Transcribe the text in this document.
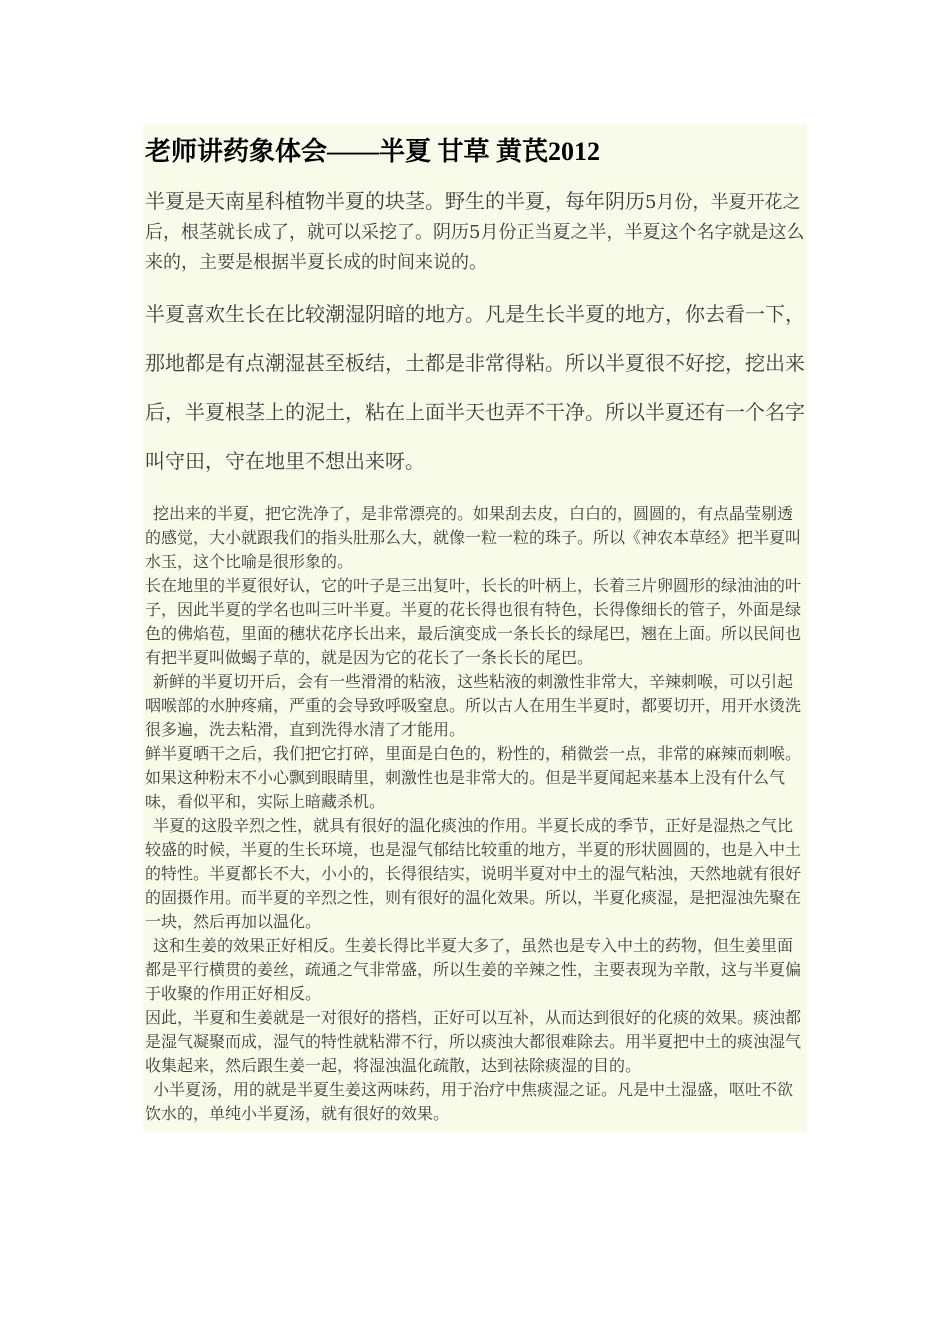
老师讲药象体会——半夏 甘草 黄芪2012

半夏是天南星科植物半夏的块茎。野生的半夏，每年阴历5月份，半夏开花之后，根茎就长成了，就可以采挖了。阴历5月份正当夏之半，半夏这个名字就是这么来的，主要是根据半夏长成的时间来说的。

半夏喜欢生长在比较潮湿阴暗的地方。凡是生长半夏的地方，你去看一下，那地都是有点潮湿甚至板结，土都是非常得粘。所以半夏很不好挖，挖出来后，半夏根茎上的泥土，粘在上面半天也弄不干净。所以半夏还有一个名字叫守田，守在地里不想出来呀。

挖出来的半夏，把它洗净了，是非常漂亮的。如果刮去皮，白白的，圆圆的，有点晶莹剔透的感觉，大小就跟我们的指头肚那么大，就像一粒一粒的珠子。所以《神农本草经》把半夏叫水玉，这个比喻是很形象的。
长在地里的半夏很好认，它的叶子是三出复叶，长长的叶柄上，长着三片卵圆形的绿油油的叶子，因此半夏的学名也叫三叶半夏。半夏的花长得也很有特色，长得像细长的管子，外面是绿色的佛焰苞，里面的穗状花序长出来，最后演变成一条长长的绿尾巴，翘在上面。所以民间也有把半夏叫做蝎子草的，就是因为它的花长了一条长长的尾巴。
新鲜的半夏切开后，会有一些滑滑的粘液，这些粘液的刺激性非常大，辛辣刺喉，可以引起咽喉部的水肿疼痛，严重的会导致呼吸窒息。所以古人在用生半夏时，都要切开，用开水烫洗很多遍，洗去粘滑，直到洗得水清了才能用。
鲜半夏晒干之后，我们把它打碎，里面是白色的，粉性的，稍微尝一点，非常的麻辣而刺喉。如果这种粉末不小心飘到眼睛里，刺激性也是非常大的。但是半夏闻起来基本上没有什么气味，看似平和，实际上暗藏杀机。
半夏的这股辛烈之性，就具有很好的温化痰浊的作用。半夏长成的季节，正好是湿热之气比较盛的时候，半夏的生长环境，也是湿气郁结比较重的地方，半夏的形状圆圆的，也是入中土的特性。半夏都长不大，小小的，长得很结实，说明半夏对中土的湿气粘浊，天然地就有很好的固摄作用。而半夏的辛烈之性，则有很好的温化效果。所以，半夏化痰湿，是把湿浊先聚在一块，然后再加以温化。
这和生姜的效果正好相反。生姜长得比半夏大多了，虽然也是专入中土的药物，但生姜里面都是平行横贯的姜丝，疏通之气非常盛，所以生姜的辛辣之性，主要表现为辛散，这与半夏偏于收聚的作用正好相反。
因此，半夏和生姜就是一对很好的搭档，正好可以互补，从而达到很好的化痰的效果。痰浊都是湿气凝聚而成，湿气的特性就粘滞不行，所以痰浊大都很难除去。用半夏把中土的痰浊湿气收集起来，然后跟生姜一起，将湿浊温化疏散，达到祛除痰湿的目的。
小半夏汤，用的就是半夏生姜这两味药，用于治疗中焦痰湿之证。凡是中土湿盛，呕吐不欲饮水的，单纯小半夏汤，就有很好的效果。
